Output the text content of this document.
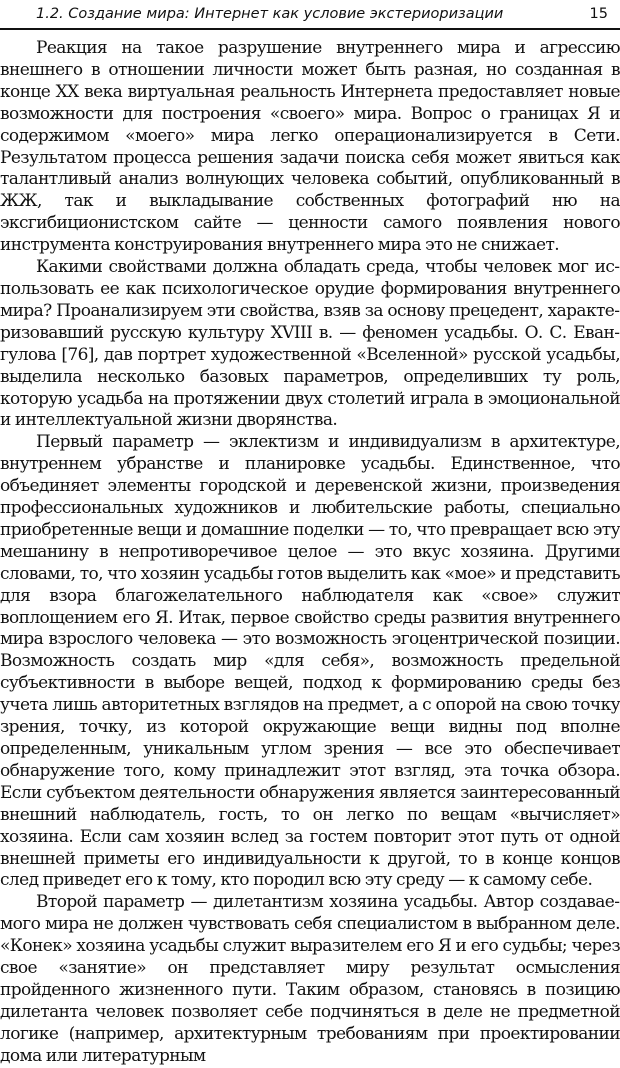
1.2. Создание мира: Интернет как условие экстериоризации	15

Реакция на такое разрушение внутреннего мира и агрессию внешнего в отношении личности может быть разная, но созданная в конце XX века виртуальная реальность Интернета предоставляет новые возможности для построения «своего» мира. Вопрос о границах Я и содержимом «моего» мира легко операционализируется в Сети. Результатом процесса решения задачи поиска себя может явиться как талантливый анализ волнующих человека событий, опубликованный в ЖЖ, так и выкладывание собственных фотографий ню на эксгибиционистском сайте — ценности самого появления нового инструмента конструирования внутреннего мира это не снижает.

Какими свойствами должна обладать среда, чтобы человек мог использовать ее как психологическое орудие формирования внутреннего мира? Проанализируем эти свойства, взяв за основу прецедент, характеризовавший русскую культуру XVIII в. — феномен усадьбы. О. С. Евангулова [76], дав портрет художественной «Вселенной» русской усадьбы, выделила несколько базовых параметров, определивших ту роль, которую усадьба на протяжении двух столетий играла в эмоциональной и интеллектуальной жизни дворянства.

Первый параметр — эклектизм и индивидуализм в архитектуре, внутреннем убранстве и планировке усадьбы. Единственное, что объединяет элементы городской и деревенской жизни, произведения профессиональных художников и любительские работы, специально приобретенные вещи и домашние поделки — то, что превращает всю эту мешанину в непротиворечивое целое — это вкус хозяина. Другими словами, то, что хозяин усадьбы готов выделить как «мое» и представить для взора благожелательного наблюдателя как «свое» служит воплощением его Я. Итак, первое свойство среды развития внутреннего мира взрослого человека — это возможность эгоцентрической позиции. Возможность создать мир «для себя», возможность предельной субъективности в выборе вещей, подход к формированию среды без учета лишь авторитетных взглядов на предмет, а с опорой на свою точку зрения, точку, из которой окружающие вещи видны под вполне определенным, уникальным углом зрения — все это обеспечивает обнаружение того, кому принадлежит этот взгляд, эта точка обзора. Если субъектом деятельности обнаружения является заинтересованный внешний наблюдатель, гость, то он легко по вещам «вычисляет» хозяина. Если сам хозяин вслед за гостем повторит этот путь от одной внешней приметы его индивидуальности к другой, то в конце концов след приведет его к тому, кто породил всю эту среду — к самому себе.

Второй параметр — дилетантизм хозяина усадьбы. Автор создаваемого мира не должен чувствовать себя специалистом в выбранном деле. «Конек» хозяина усадьбы служит выразителем его Я и его судьбы; через свое «занятие» он представляет миру результат осмысления пройденного жизненного пути. Таким образом, становясь в позицию дилетанта человек позволяет себе подчиняться в деле не предметной логике (например, архитектурным требованиям при проектировании дома или литературным
